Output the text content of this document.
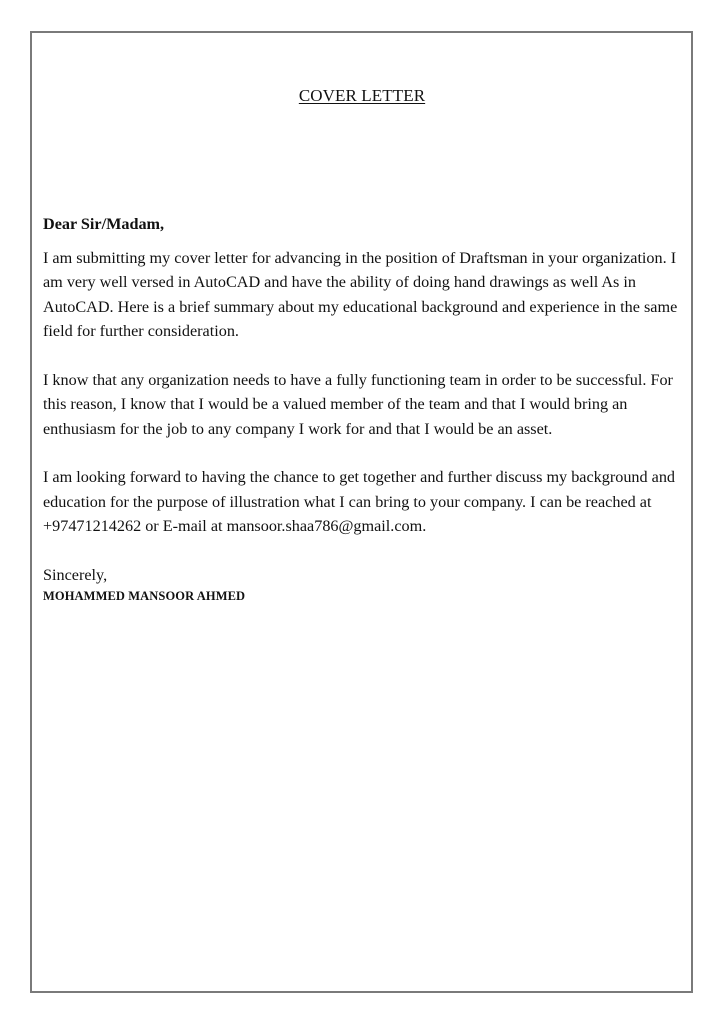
COVER LETTER

Dear Sir/Madam,

I am submitting my cover letter for advancing in the position of Draftsman in your organization. I am very well versed in AutoCAD and have the ability of doing hand drawings as well As in AutoCAD. Here is a brief summary about my educational background and experience in the same field for further consideration.

I know that any organization needs to have a fully functioning team in order to be successful. For this reason, I know that I would be a valued member of the team and that I would bring an enthusiasm for the job to any company I work for and that I would be an asset.

I am looking forward to having the chance to get together and further discuss my background and education for the purpose of illustration what I can bring to your company. I can be reached at +97471214262 or E-mail at mansoor.shaa786@gmail.com.

Sincerely,

MOHAMMED MANSOOR AHMED
